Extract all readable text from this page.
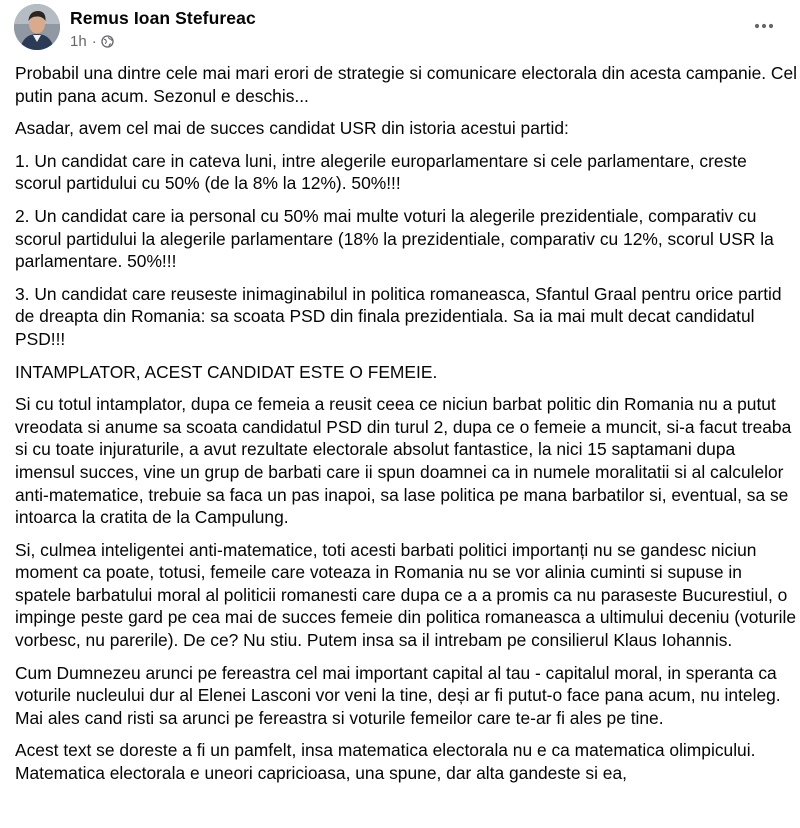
Remus Ioan Stefureac
1h ·

Probabil una dintre cele mai mari erori de strategie si comunicare electorala din acesta campanie. Cel putin pana acum. Sezonul e deschis...

Asadar, avem cel mai de succes candidat USR din istoria acestui partid:

1. Un candidat care in cateva luni, intre alegerile europarlamentare si cele parlamentare, creste scorul partidului cu 50% (de la 8% la 12%). 50%!!!

2. Un candidat care ia personal cu 50% mai multe voturi la alegerile prezidentiale, comparativ cu scorul partidului la alegerile parlamentare (18% la prezidentiale, comparativ cu 12%, scorul USR la parlamentare. 50%!!!

3. Un candidat care reuseste inimaginabilul in politica romaneasca, Sfantul Graal pentru orice partid de dreapta din Romania: sa scoata PSD din finala prezidentiala. Sa ia mai mult decat candidatul PSD!!!

INTAMPLATOR, ACEST CANDIDAT ESTE O FEMEIE.

Si cu totul intamplator, dupa ce femeia a reusit ceea ce niciun barbat politic din Romania nu a putut vreodata si anume sa scoata candidatul PSD din turul 2, dupa ce o femeie a muncit, si-a facut treaba si cu toate injuraturile, a avut rezultate electorale absolut fantastice, la nici 15 saptamani dupa imensul succes, vine un grup de barbati care ii spun doamnei ca in numele moralitatii si al calculelor anti-matematice, trebuie sa faca un pas inapoi, sa lase politica pe mana barbatilor si, eventual, sa se intoarca la cratita de la Campulung.

Si, culmea inteligentei anti-matematice, toti acesti barbati politici importanți nu se gandesc niciun moment ca poate, totusi, femeile care voteaza in Romania nu se vor alinia cuminti si supuse in spatele barbatului moral al politicii romanesti care dupa ce a a promis ca nu paraseste Bucurestiul, o impinge peste gard pe cea mai de succes femeie din politica romaneasca a ultimului deceniu (voturile vorbesc, nu parerile). De ce? Nu stiu. Putem insa sa il intrebam pe consilierul Klaus Iohannis.

Cum Dumnezeu arunci pe fereastra cel mai important capital al tau - capitalul moral, in speranta ca voturile nucleului dur al Elenei Lasconi vor veni la tine, deși ar fi putut-o face pana acum, nu inteleg. Mai ales cand risti sa arunci pe fereastra si voturile femeilor care te-ar fi ales pe tine.

Acest text se doreste a fi un pamfelt, insa matematica electorala nu e ca matematica olimpicului. Matematica electorala e uneori capricioasa, una spune, dar alta gandeste si ea,
